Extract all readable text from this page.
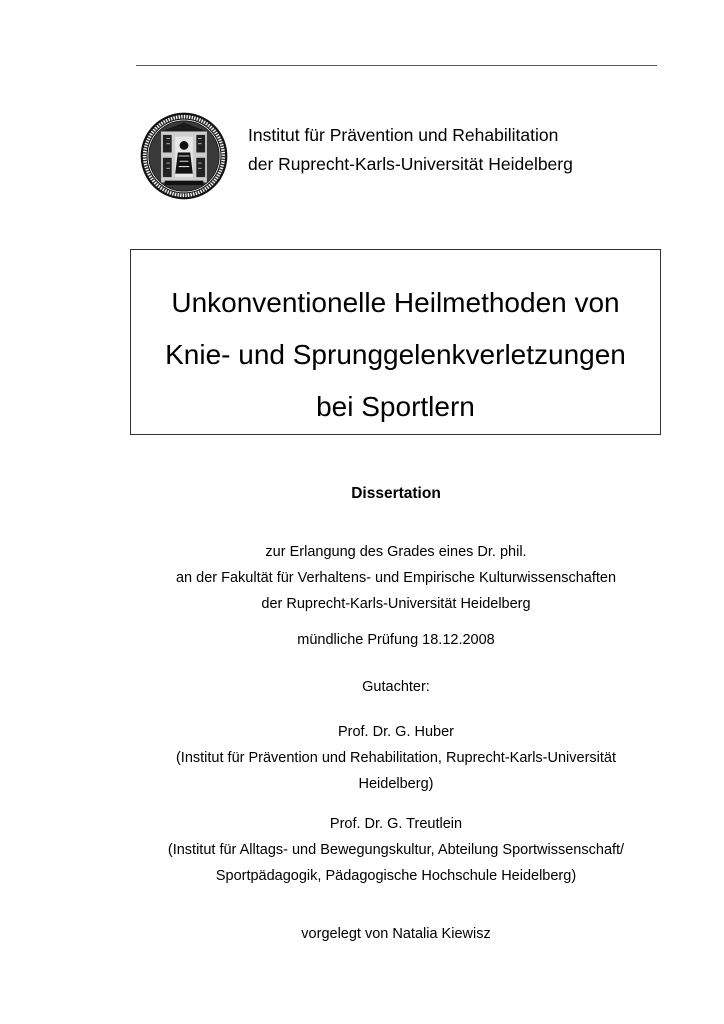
Institut für Prävention und Rehabilitation
der Ruprecht-Karls-Universität Heidelberg
Unkonventionelle Heilmethoden von
Knie- und Sprunggelenkverletzungen
bei Sportlern
Dissertation
zur Erlangung des Grades eines Dr. phil.
an der Fakultät für Verhaltens- und Empirische Kulturwissenschaften
der Ruprecht-Karls-Universität Heidelberg
mündliche Prüfung 18.12.2008
Gutachter:
Prof. Dr. G. Huber
(Institut für Prävention und Rehabilitation, Ruprecht-Karls-Universität
Heidelberg)
Prof. Dr. G. Treutlein
(Institut für Alltags- und Bewegungskultur, Abteilung Sportwissenschaft/
Sportpädagogik, Pädagogische Hochschule Heidelberg)
vorgelegt von Natalia Kiewisz
